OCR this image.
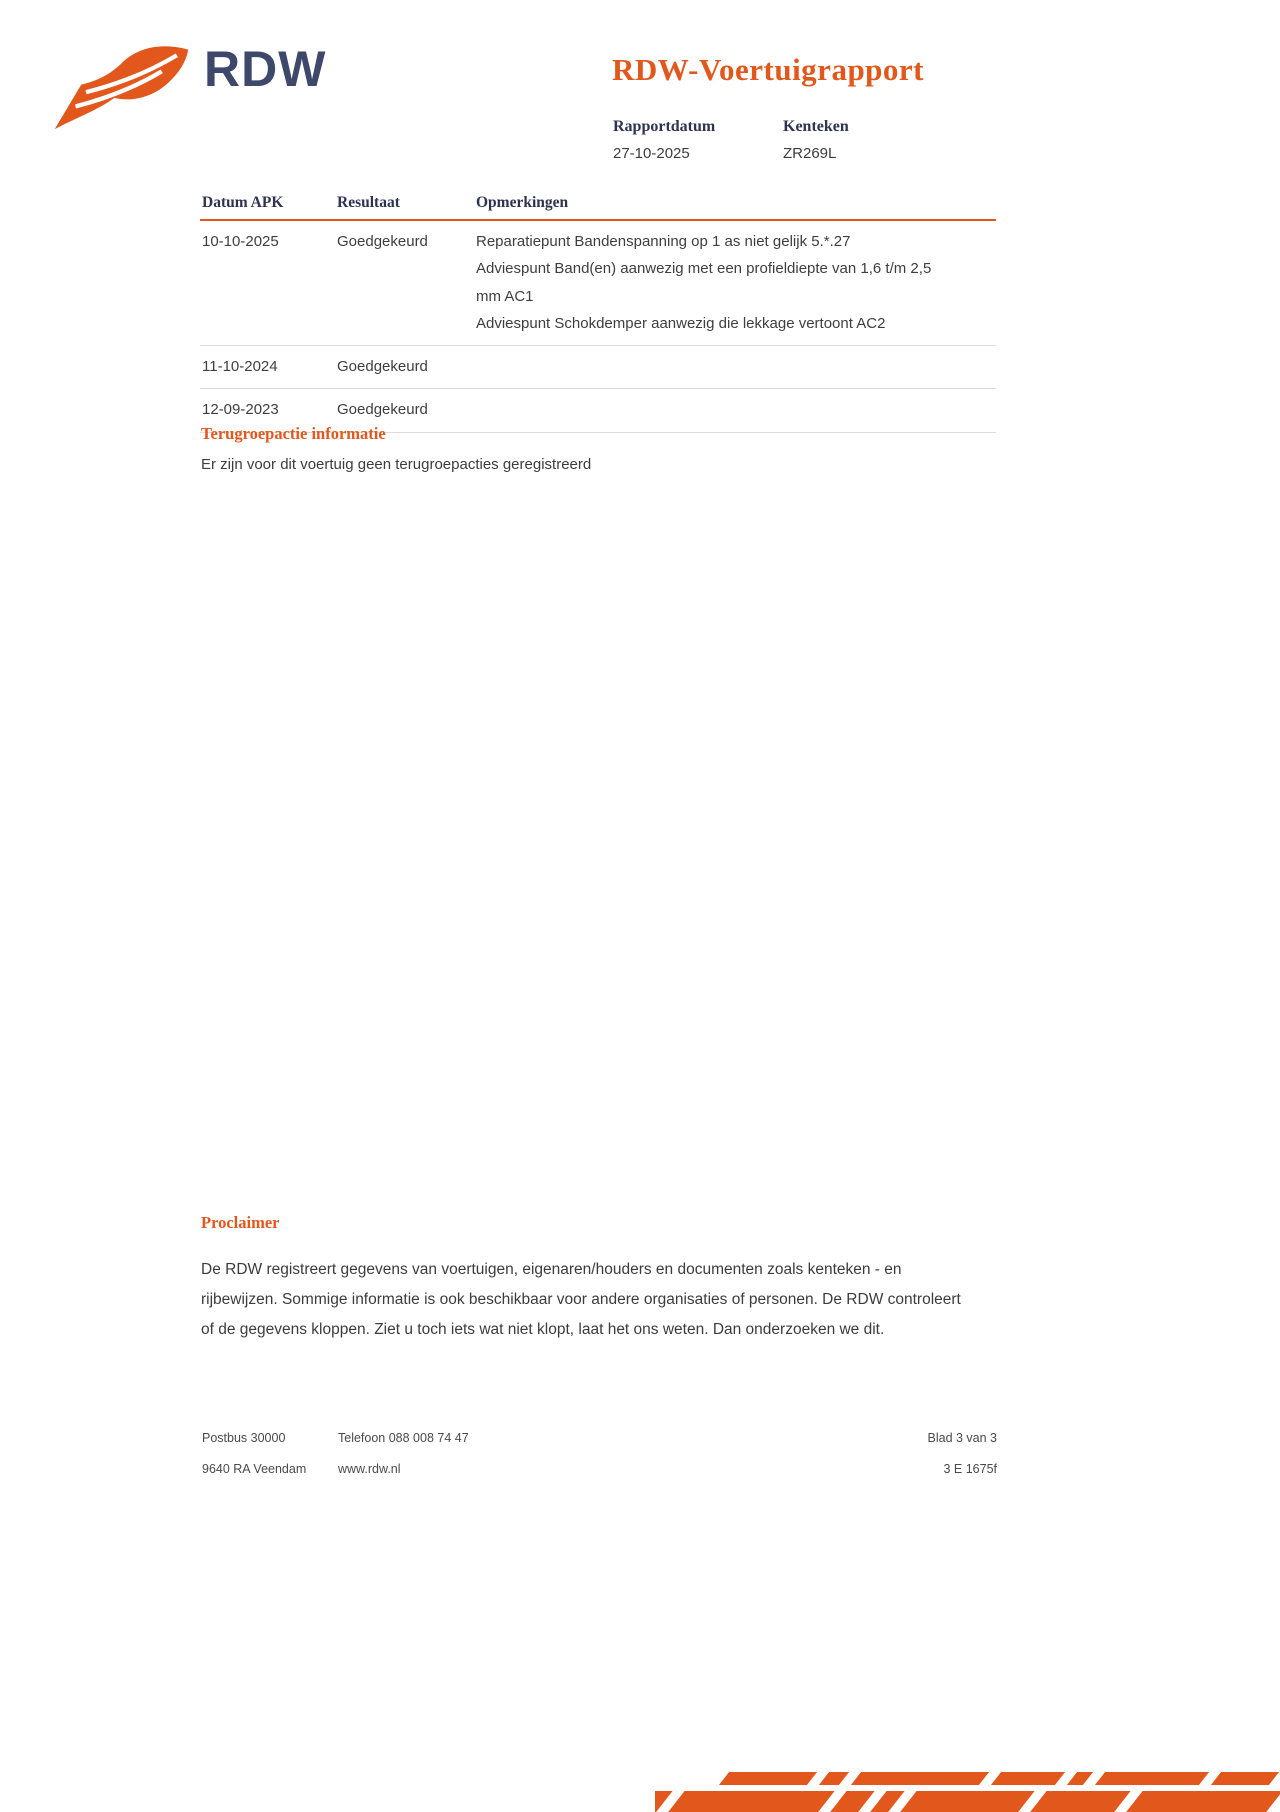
RDW	RDW-Voertuigrapport
Rapportdatum
27-10-2025
Kenteken
ZR269L
Datum APK	Resultaat	Opmerkingen
10-10-2025	Goedgekeurd	Reparatiepunt Bandenspanning op 1 as niet gelijk 5.*.27
Adviespunt Band(en) aanwezig met een profieldiepte van 1,6 t/m 2,5 mm AC1
Adviespunt Schokdemper aanwezig die lekkage vertoont AC2

11-10-2024	Goedgekeurd	
12-09-2023	Goedgekeurd	
Terugroepactie informatie
Er zijn voor dit voertuig geen terugroepacties geregistreerd
Proclaimer
De RDW registreert gegevens van voertuigen, eigenaren/houders en documenten zoals kenteken - en rijbewijzen. Sommige informatie is ook beschikbaar voor andere organisaties of personen. De RDW controleert of de gegevens kloppen. Ziet u toch iets wat niet klopt, laat het ons weten. Dan onderzoeken we dit.
Postbus 30000
9640 RA Veendam
Telefoon 088 008 74 47
www.rdw.nl
Blad 3 van 3
3 E 1675f
